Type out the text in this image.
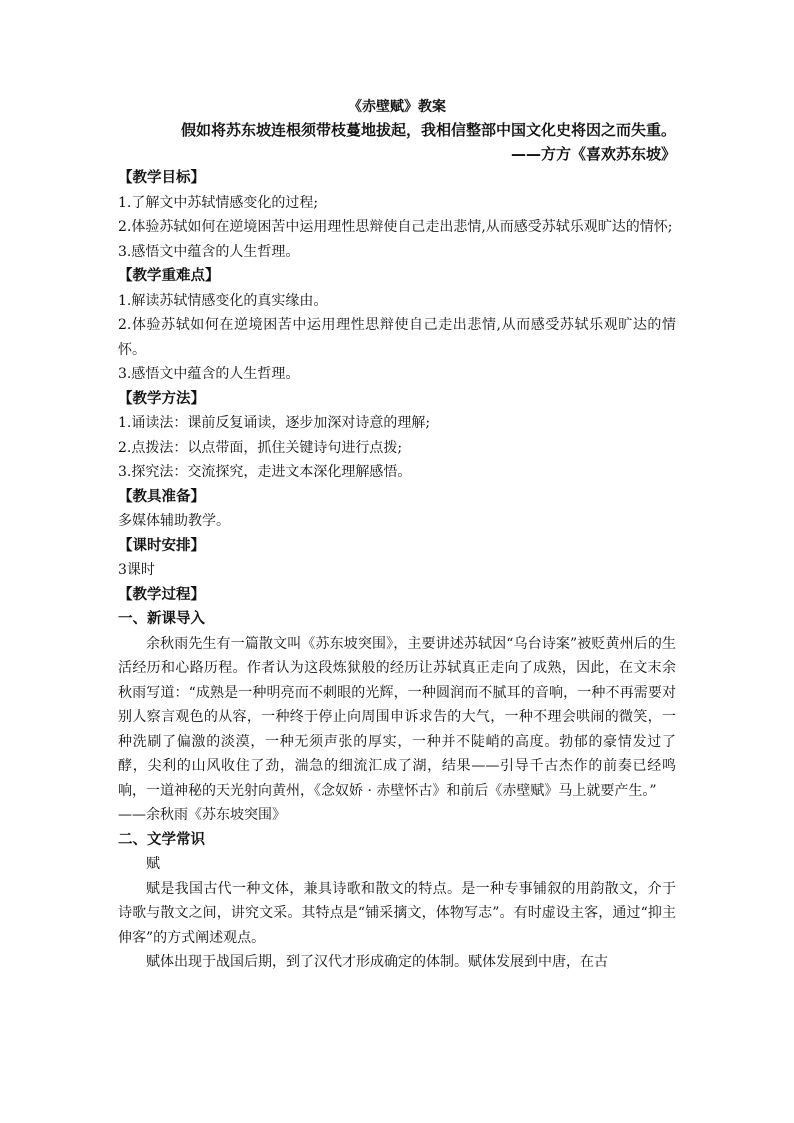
《赤壁赋》教案

假如将苏东坡连根须带枝蔓地拔起，我相信整部中国文化史将因之而失重。

——方方《喜欢苏东坡》

【教学目标】

1.了解文中苏轼情感变化的过程;

2.体验苏轼如何在逆境困苦中运用理性思辩使自己走出悲情,从而感受苏轼乐观旷达的情怀;

3.感悟文中蕴含的人生哲理。

【教学重难点】

1.解读苏轼情感变化的真实缘由。

2.体验苏轼如何在逆境困苦中运用理性思辩使自己走出悲情,从而感受苏轼乐观旷达的情怀。

3.感悟文中蕴含的人生哲理。

【教学方法】

1.诵读法：课前反复诵读，逐步加深对诗意的理解;

2.点拨法：以点带面，抓住关键诗句进行点拨;

3.探究法：交流探究，走进文本深化理解感悟。

【教具准备】

多媒体辅助教学。

【课时安排】

3课时

【教学过程】

一、新课导入

余秋雨先生有一篇散文叫《苏东坡突围》，主要讲述苏轼因“乌台诗案”被贬黄州后的生活经历和心路历程。作者认为这段炼狱般的经历让苏轼真正走向了成熟，因此，在文末余秋雨写道：“成熟是一种明亮而不刺眼的光辉，一种圆润而不腻耳的音响，一种不再需要对别人察言观色的从容，一种终于停止向周围申诉求告的大气，一种不理会哄闹的微笑，一种洗刷了偏激的淡漠，一种无须声张的厚实，一种并不陡峭的高度。勃郁的豪情发过了酵，尖利的山风收住了劲，湍急的细流汇成了湖，结果——引导千古杰作的前奏已经鸣响，一道神秘的天光射向黄州，《念奴娇 · 赤壁怀古》和前后《赤壁赋》马上就要产生。”

——余秋雨《苏东坡突围》

二、文学常识

赋

赋是我国古代一种文体，兼具诗歌和散文的特点。是一种专事铺叙的用韵散文，介于诗歌与散文之间，讲究文采。其特点是“铺采摛文，体物写志”。有时虚设主客，通过“抑主伸客”的方式阐述观点。

赋体出现于战国后期，到了汉代才形成确定的体制。赋体发展到中唐，在古
